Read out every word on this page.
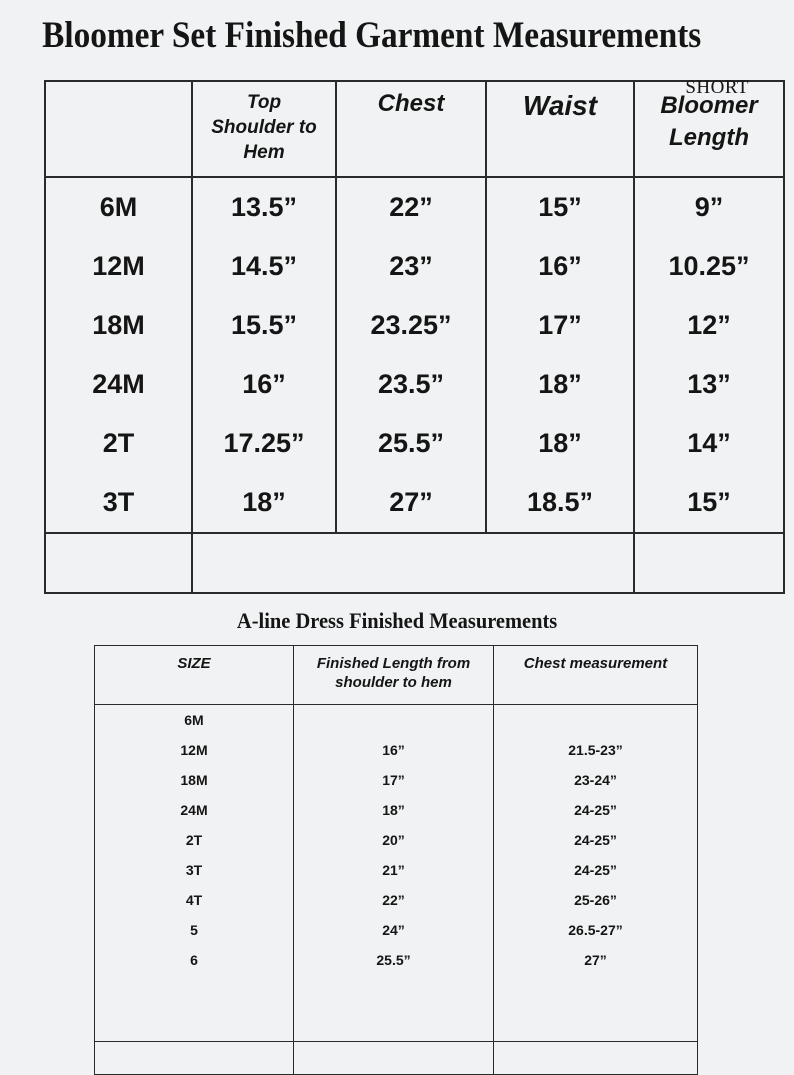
Bloomer Set Finished Garment Measurements

	Top Shoulder to Hem	Chest	Waist	SHORT
Bloomer Length

6M	13.5”	22”	15”	9”
12M	14.5”	23”	16”	10.25”
18M	15.5”	23.25”	17”	12”
24M	16”	23.5”	18”	13”
2T	17.25”	25.5”	18”	14”
3T	18”	27”	18.5”	15”

A-line Dress Finished Measurements
SIZE	Finished Length from shoulder to hem	Chest measurement
6M		
12M	16”	21.5-23”
18M	17”	23-24”
24M	18”	24-25”
2T	20”	24-25”
3T	21”	24-25”
4T	22”	25-26”
5	24”	26.5-27”
6	25.5”	27”
